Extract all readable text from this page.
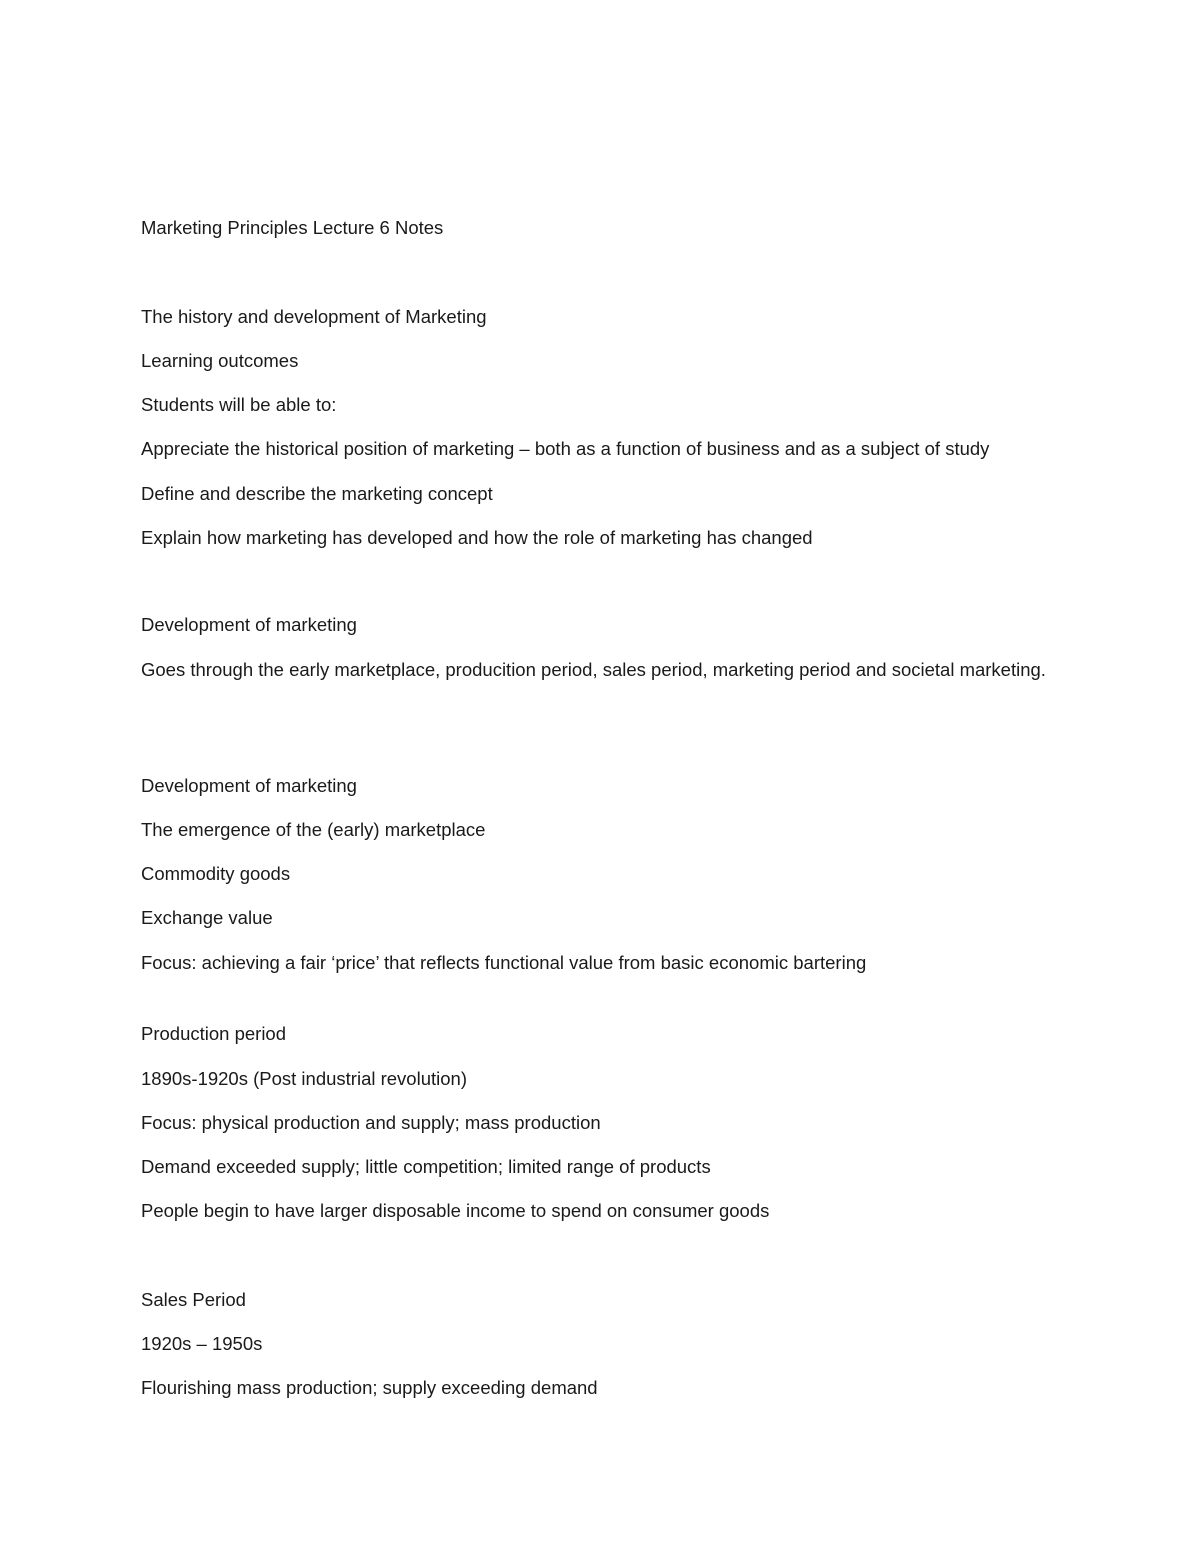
Marketing Principles Lecture 6 Notes

The history and development of Marketing

Learning outcomes

Students will be able to:

Appreciate the historical position of marketing – both as a function of business and as a subject of study

Define and describe the marketing concept

Explain how marketing has developed and how the role of marketing has changed

Development of marketing

Goes through the early marketplace, producition period, sales period, marketing period and societal marketing.

Development of marketing

The emergence of the (early) marketplace

Commodity goods

Exchange value

Focus: achieving a fair ‘price’ that reflects functional value from basic economic bartering

Production period

1890s-1920s (Post industrial revolution)

Focus: physical production and supply; mass production

Demand exceeded supply; little competition; limited range of products

People begin to have larger disposable income to spend on consumer goods

Sales Period

1920s – 1950s

Flourishing mass production; supply exceeding demand
